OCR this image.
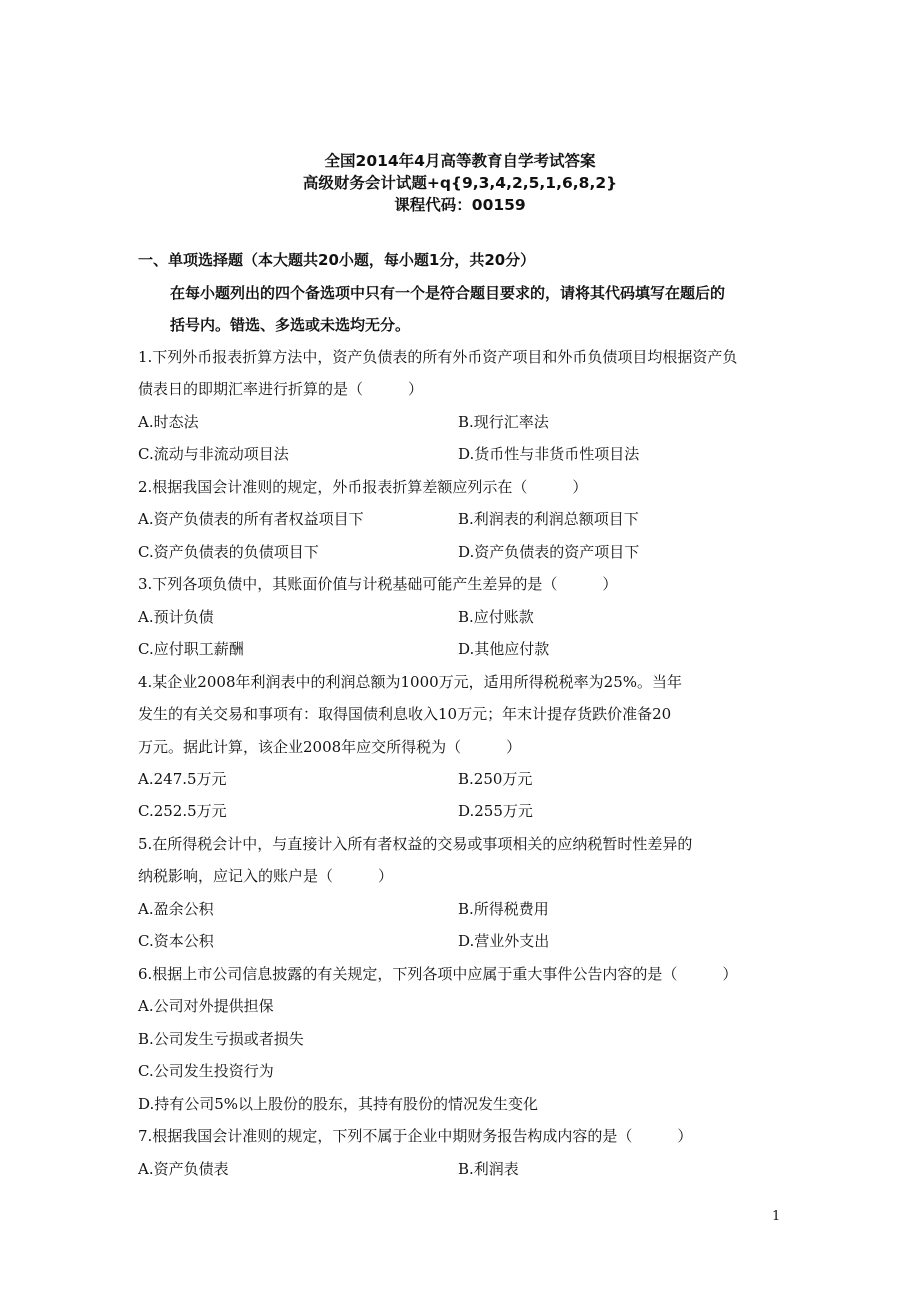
全国2014年4月高等教育自学考试答案
高级财务会计试题+q{9,3,4,2,5,1,6,8,2}
课程代码：00159
一、单项选择题（本大题共20小题，每小题1分，共20分）
在每小题列出的四个备选项中只有一个是符合题目要求的，请将其代码填写在题后的
括号内。错选、多选或未选均无分。
1.下列外币报表折算方法中，资产负债表的所有外币资产项目和外币负债项目均根据资产负
债表日的即期汇率进行折算的是（　　　）
A.时态法	B.现行汇率法
C.流动与非流动项目法	D.货币性与非货币性项目法
2.根据我国会计准则的规定，外币报表折算差额应列示在（　　　）
A.资产负债表的所有者权益项目下	B.利润表的利润总额项目下
C.资产负债表的负债项目下	D.资产负债表的资产项目下
3.下列各项负债中，其账面价值与计税基础可能产生差异的是（　　　）
A.预计负债	B.应付账款
C.应付职工薪酬	D.其他应付款
4.某企业2008年利润表中的利润总额为1000万元，适用所得税税率为25%。当年
发生的有关交易和事项有：取得国债利息收入10万元；年末计提存货跌价准备20
万元。据此计算，该企业2008年应交所得税为（　　　）
A.247.5万元	B.250万元
C.252.5万元	D.255万元
5.在所得税会计中，与直接计入所有者权益的交易或事项相关的应纳税暂时性差异的
纳税影响，应记入的账户是（　　　）
A.盈余公积	B.所得税费用
C.资本公积	D.营业外支出
6.根据上市公司信息披露的有关规定，下列各项中应属于重大事件公告内容的是（　　　）
A.公司对外提供担保
B.公司发生亏损或者损失
C.公司发生投资行为
D.持有公司5%以上股份的股东，其持有股份的情况发生变化
7.根据我国会计准则的规定，下列不属于企业中期财务报告构成内容的是（　　　）
A.资产负债表	B.利润表
1
